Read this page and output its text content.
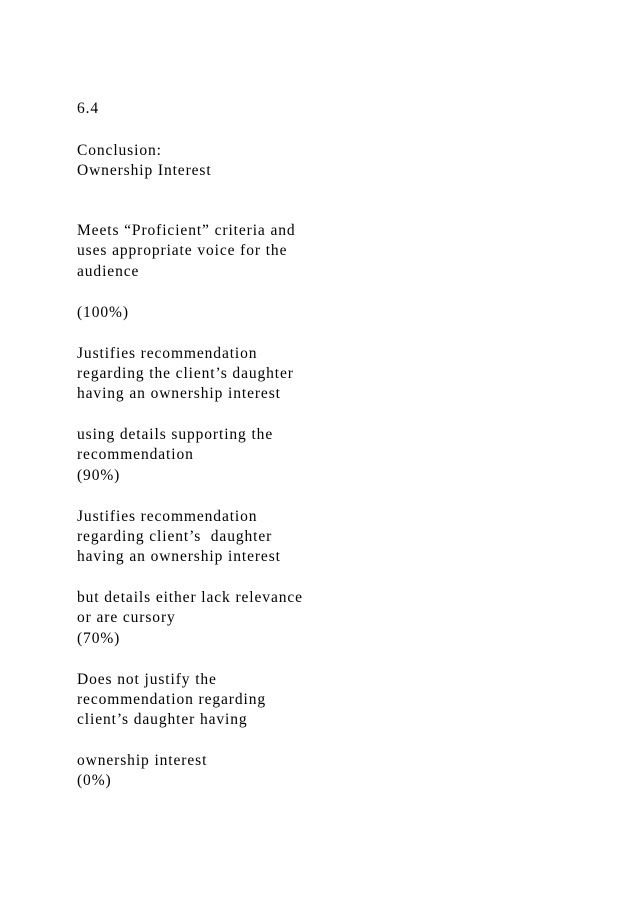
6.4

Conclusion:

Ownership Interest

Meets “Proficient” criteria and

uses appropriate voice for the

audience

(100%)

Justifies recommendation

regarding the client’s daughter

having an ownership interest

using details supporting the

recommendation

(90%)

Justifies recommendation

regarding client’s  daughter

having an ownership interest

but details either lack relevance

or are cursory

(70%)

Does not justify the

recommendation regarding

client’s daughter having

ownership interest

(0%)
